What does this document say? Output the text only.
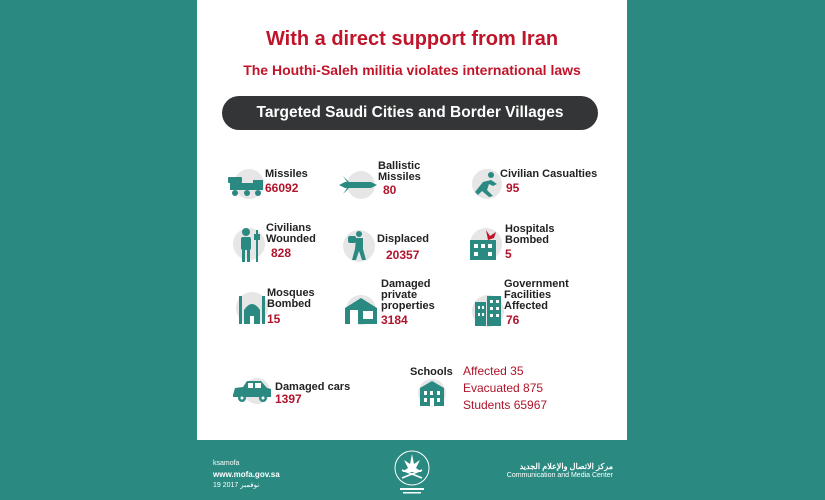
With a direct support from Iran
The Houthi-Saleh militia violates international laws
Targeted Saudi Cities and Border Villages
Missiles
66092
Ballistic
Missiles
80
Civilian Casualties
95
Civilians
Wounded
828
Displaced
20357
Hospitals
Bombed
5
Mosques
Bombed
15
Damaged
private
properties
3184
Government
Facilities
Affected
76
Damaged cars
1397
Schools Affected 35
Evacuated 875
Students 65967
ksamofa
www.mofa.gov.sa
19 نوفمبر 2017
مركز الاتصال والإعلام الجديد
Communication and Media Center
